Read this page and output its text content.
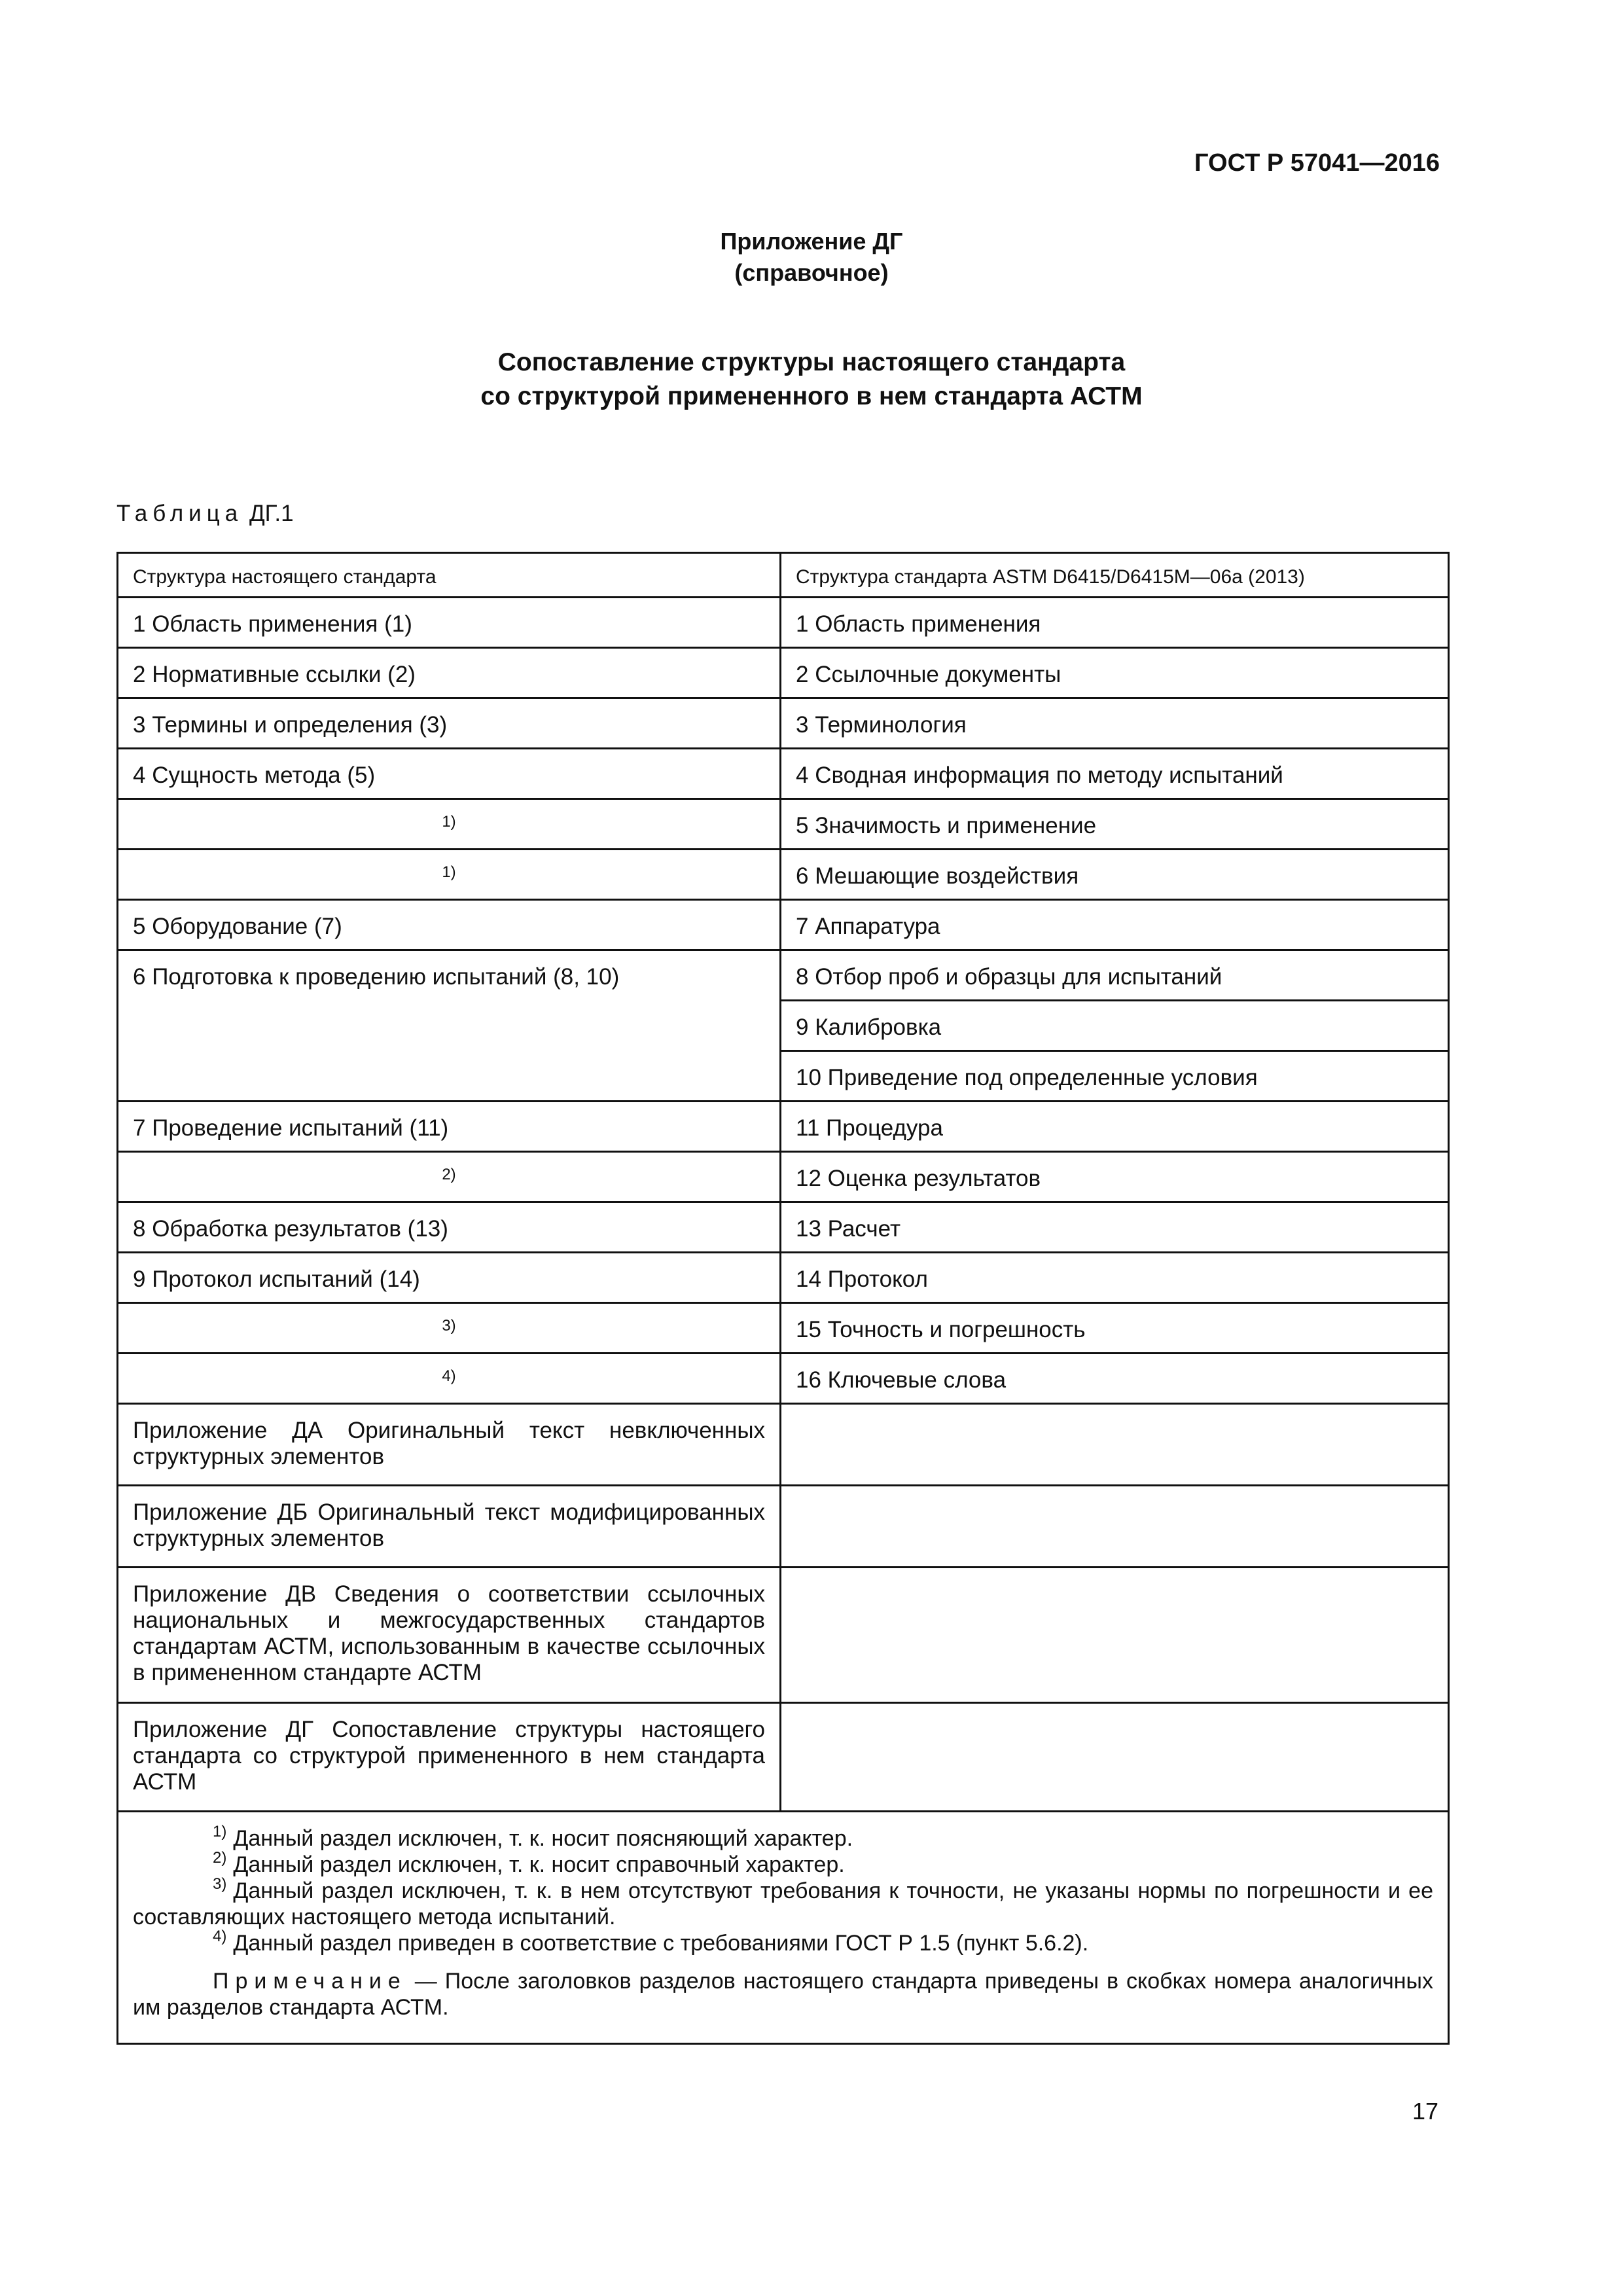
ГОСТ Р 57041—2016
Приложение ДГ
(справочное)
Сопоставление структуры настоящего стандарта
со структурой примененного в нем стандарта АСТМ
Таблица ДГ.1
Структура настоящего стандарта	Структура стандарта ASTM D6415/D6415M—06a (2013)
1 Область применения (1)	1 Область применения
2 Нормативные ссылки (2)	2 Ссылочные документы
3 Термины и определения (3)	3 Терминология
4 Сущность метода (5)	4 Сводная информация по методу испытаний
$^{1)}$	5 Значимость и применение
$^{1)}$	6 Мешающие воздействия
5 Оборудование (7)	7 Аппаратура
6 Подготовка к проведению испытаний (8, 10)	8 Отбор проб и образцы для испытаний
	9 Калибровка
	10 Приведение под определенные условия
7 Проведение испытаний (11)	11 Процедура
$^{2)}$	12 Оценка результатов
8 Обработка результатов (13)	13 Расчет
9 Протокол испытаний (14)	14 Протокол
$^{3)}$	15 Точность и погрешность
$^{4)}$	16 Ключевые слова
Приложение ДА Оригинальный текст невключенных структурных элементов	
Приложение ДБ Оригинальный текст модифицированных структурных элементов	
Приложение ДВ Сведения о соответствии ссылочных национальных и межгосударственных стандартов стандартам АСТМ, использованным в качестве ссылочных в примененном стандарте АСТМ	
Приложение ДГ Сопоставление структуры настоящего стандарта со структурой примененного в нем стандарта АСТМ	

$^{1)}$ Данный раздел исключен, т. к. носит поясняющий характер.

$^{2)}$ Данный раздел исключен, т. к. носит справочный характер.

$^{3)}$ Данный раздел исключен, т. к. в нем отсутствуют требования к точности, не указаны нормы по погрешности и ее составляющих настоящего метода испытаний.

$^{4)}$ Данный раздел приведен в соответствие с требованиями ГОСТ Р 1.5 (пункт 5.6.2).

Примечание — После заголовков разделов настоящего стандарта приведены в скобках номера аналогичных им разделов стандарта АСТМ.	

17
